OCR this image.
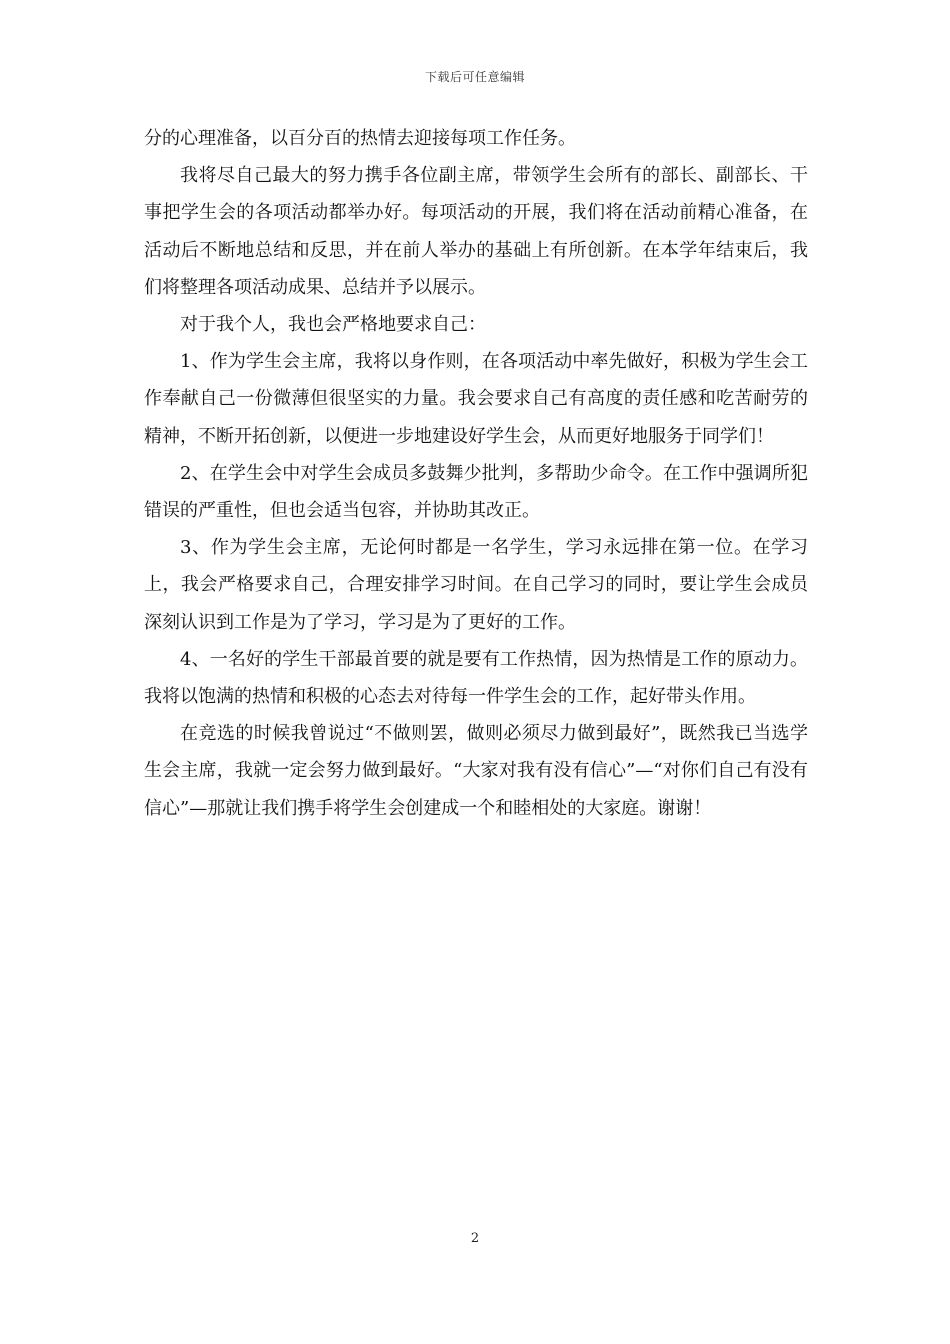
下载后可任意编辑

分的心理准备，以百分百的热情去迎接每项工作任务。

我将尽自己最大的努力携手各位副主席，带领学生会所有的部长、副部长、干事把学生会的各项活动都举办好。每项活动的开展，我们将在活动前精心准备，在活动后不断地总结和反思，并在前人举办的基础上有所创新。在本学年结束后，我们将整理各项活动成果、总结并予以展示。

对于我个人，我也会严格地要求自己：

1、作为学生会主席，我将以身作则，在各项活动中率先做好，积极为学生会工作奉献自己一份微薄但很坚实的力量。我会要求自己有高度的责任感和吃苦耐劳的精神，不断开拓创新，以便进一步地建设好学生会，从而更好地服务于同学们！

2、在学生会中对学生会成员多鼓舞少批判，多帮助少命令。在工作中强调所犯错误的严重性，但也会适当包容，并协助其改正。

3、作为学生会主席，无论何时都是一名学生，学习永远排在第一位。在学习上，我会严格要求自己，合理安排学习时间。在自己学习的同时，要让学生会成员深刻认识到工作是为了学习，学习是为了更好的工作。

4、一名好的学生干部最首要的就是要有工作热情，因为热情是工作的原动力。我将以饱满的热情和积极的心态去对待每一件学生会的工作，起好带头作用。

在竞选的时候我曾说过“不做则罢，做则必须尽力做到最好”，既然我已当选学生会主席，我就一定会努力做到最好。“大家对我有没有信心”—“对你们自己有没有信心”—那就让我们携手将学生会创建成一个和睦相处的大家庭。谢谢！

2
